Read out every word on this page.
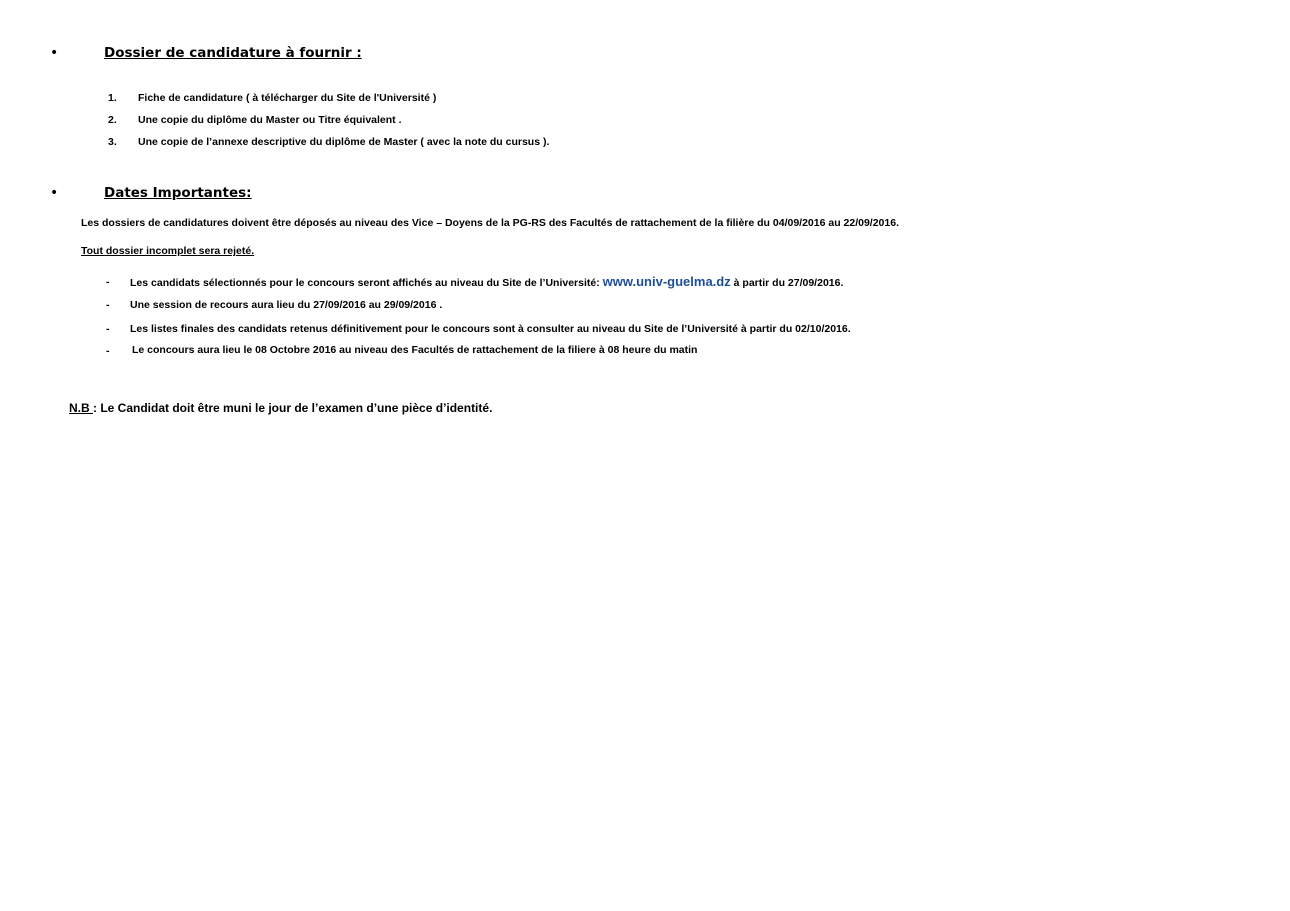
•	Dossier de candidature à fournir :
1. Fiche de candidature ( à télécharger du Site de l'Université )
2. Une copie du diplôme du Master ou Titre équivalent .
3. Une copie de l’annexe descriptive du diplôme de Master ( avec la note du cursus ).
•	Dates Importantes:
Les dossiers de candidatures doivent être déposés au niveau des Vice – Doyens de la PG-RS des Facultés de rattachement de la filière du 04/09/2016 au 22/09/2016.
Tout dossier incomplet sera rejeté.
- Les candidats sélectionnés pour le concours seront affichés au niveau du Site de l’Université: www.univ-guelma.dz à partir du 27/09/2016.
- Une session de recours aura lieu du 27/09/2016 au 29/09/2016 .
- Les listes finales des candidats retenus définitivement pour le concours sont à consulter au niveau du Site de l’Université à partir du 02/10/2016.
- Le concours aura lieu le 08 Octobre 2016 au niveau des Facultés de rattachement de la filiere à 08 heure du matin
N.B : Le Candidat doit être muni le jour de l’examen d’une pièce d’identité.
